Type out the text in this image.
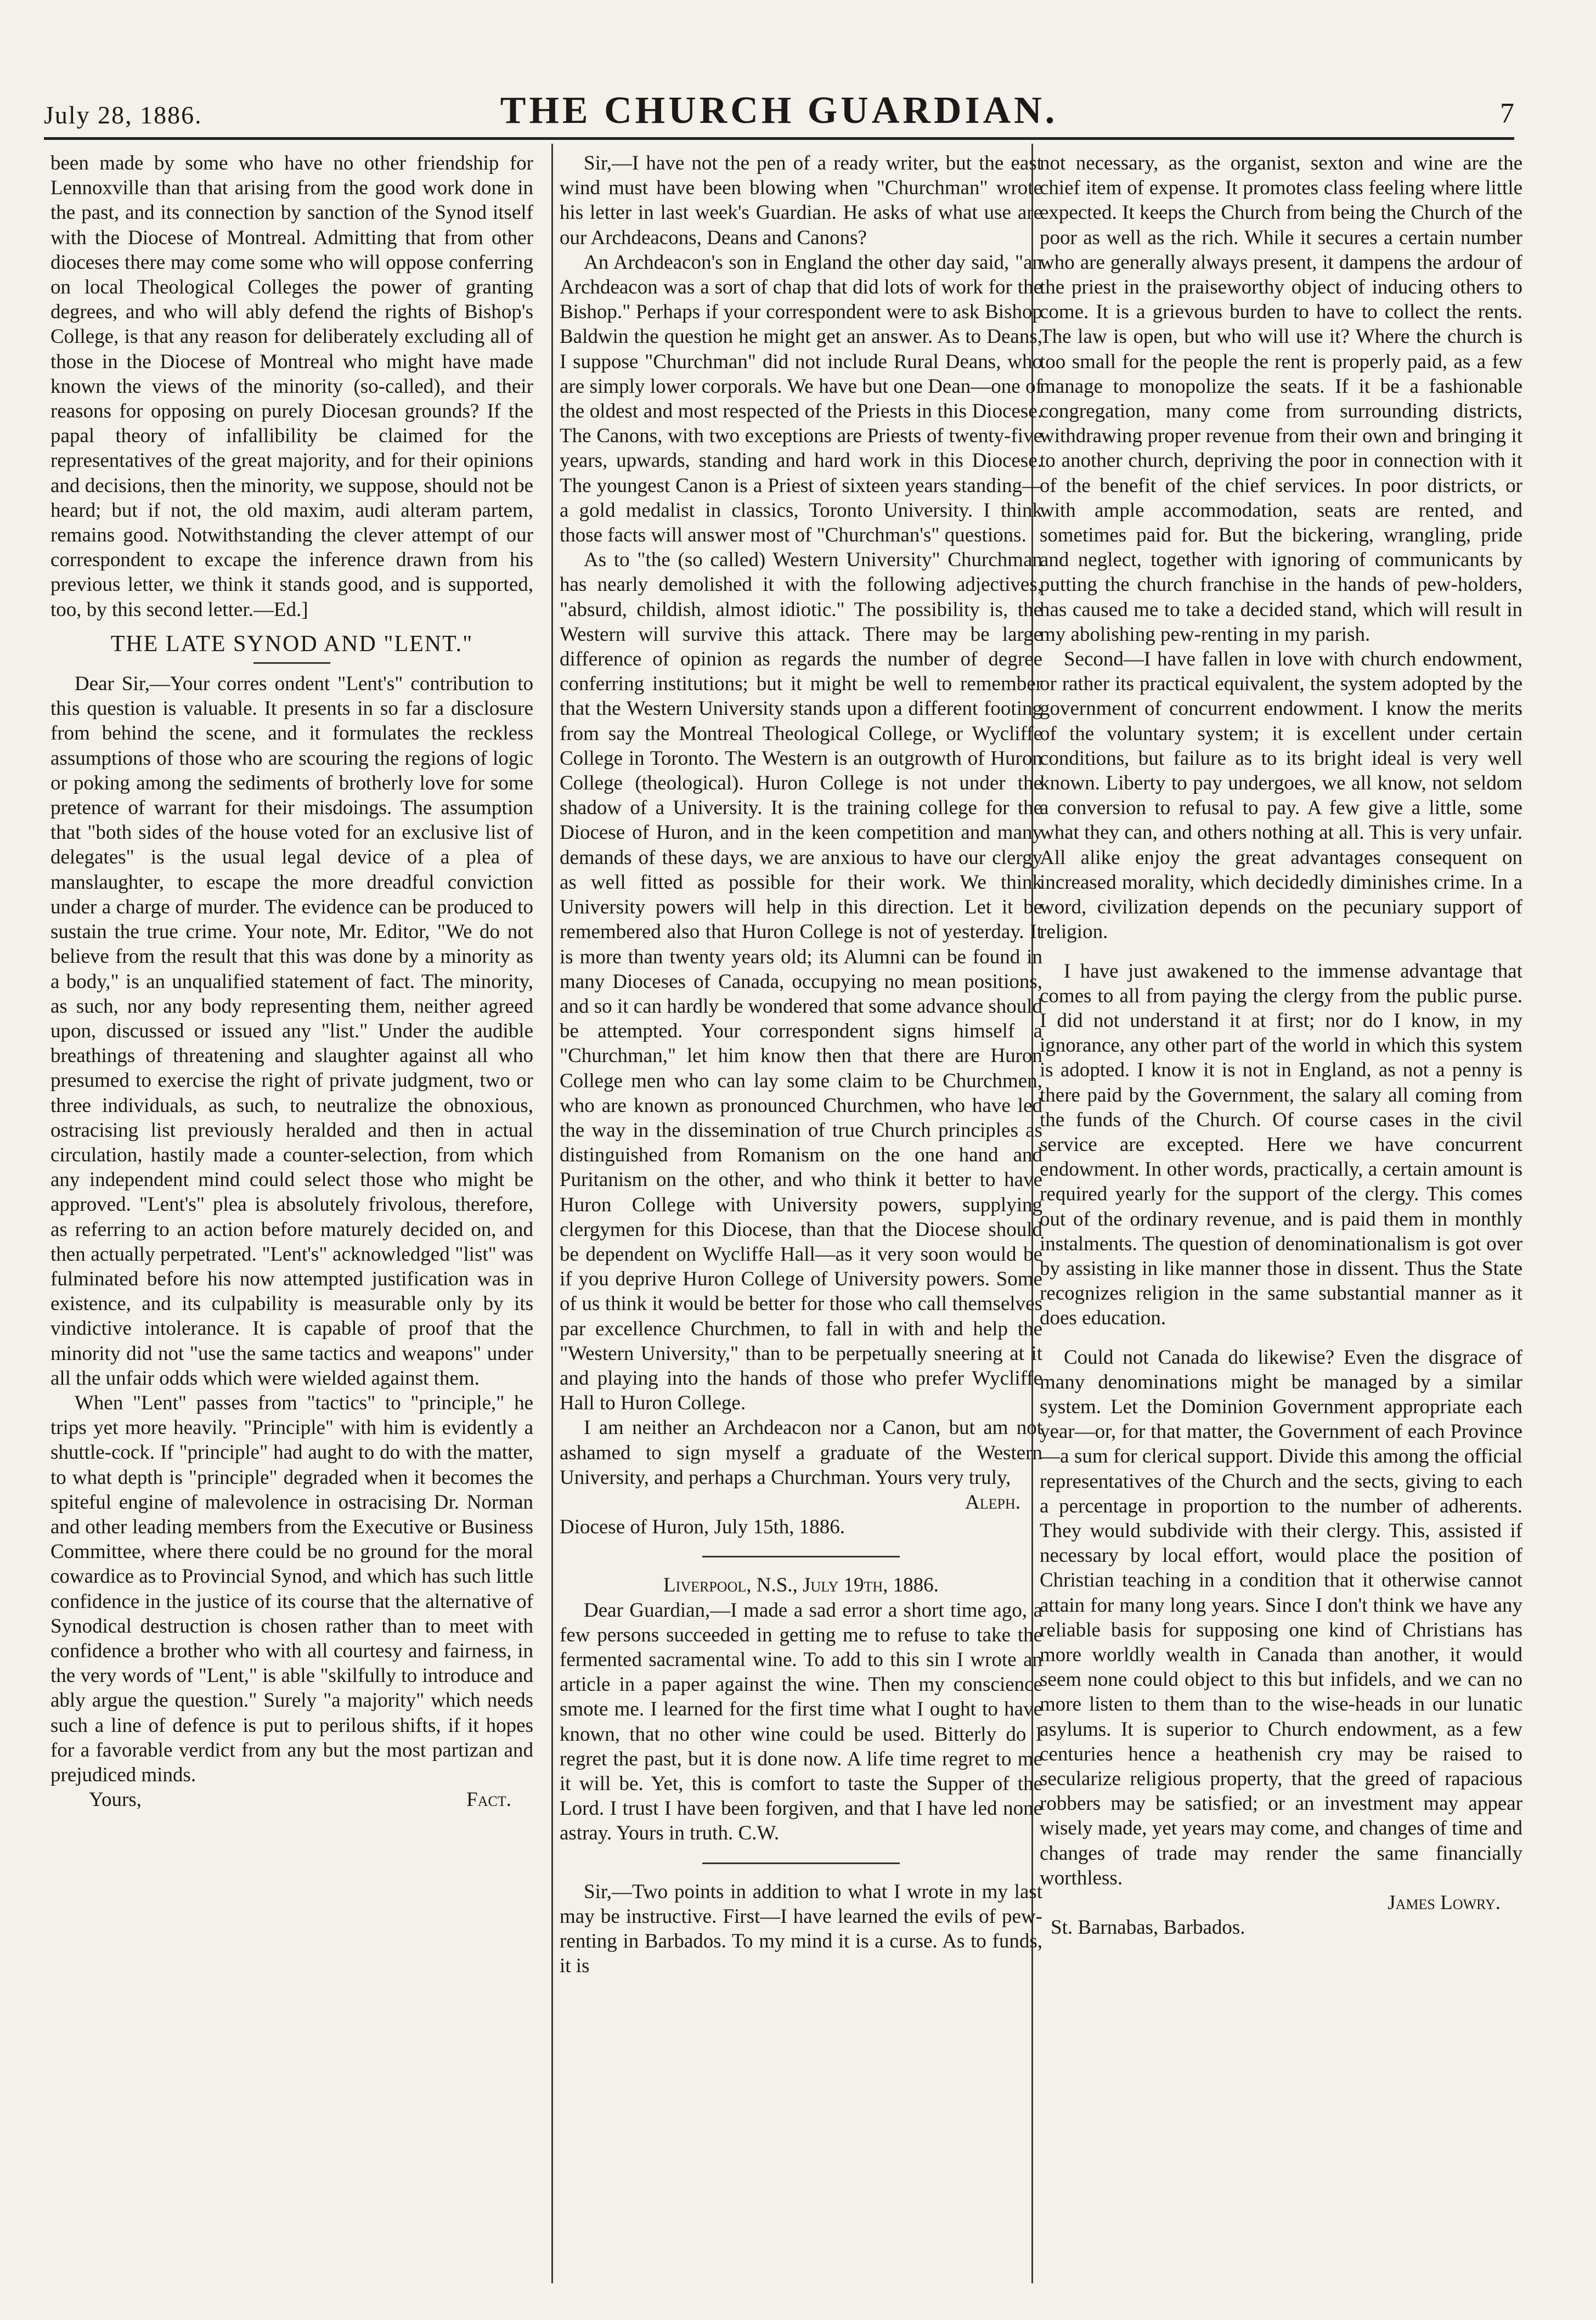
July 28, 1886.	THE CHURCH GUARDIAN.	7

been made by some who have no other friendship for Lennoxville than that arising from the good work done in the past, and its connection by sanction of the Synod itself with the Diocese of Montreal. Admitting that from other dioceses there may come some who will oppose conferring on local Theological Colleges the power of granting degrees, and who will ably defend the rights of Bishop's College, is that any reason for deliberately excluding all of those in the Diocese of Montreal who might have made known the views of the minority (so-called), and their reasons for opposing on purely Diocesan grounds? If the papal theory of infallibility be claimed for the representatives of the great majority, and for their opinions and decisions, then the minority, we suppose, should not be heard; but if not, the old maxim, audi alteram partem, remains good. Notwithstanding the clever attempt of our correspondent to excape the inference drawn from his previous letter, we think it stands good, and is supported, too, by this second letter.—Ed.]

THE LATE SYNOD AND "LENT."

Dear Sir,—Your corres ondent "Lent's" contribution to this question is valuable. It presents in so far a disclosure from behind the scene, and it formulates the reckless assumptions of those who are scouring the regions of logic or poking among the sediments of brotherly love for some pretence of warrant for their misdoings. The assumption that "both sides of the house voted for an exclusive list of delegates" is the usual legal device of a plea of manslaughter, to escape the more dreadful conviction under a charge of murder. The evidence can be produced to sustain the true crime. Your note, Mr. Editor, "We do not believe from the result that this was done by a minority as a body," is an unqualified statement of fact. The minority, as such, nor any body representing them, neither agreed upon, discussed or issued any "list." Under the audible breathings of threatening and slaughter against all who presumed to exercise the right of private judgment, two or three individuals, as such, to neutralize the obnoxious, ostracising list previously heralded and then in actual circulation, hastily made a counter-selection, from which any independent mind could select those who might be approved. "Lent's" plea is absolutely frivolous, therefore, as referring to an action before maturely decided on, and then actually perpetrated. "Lent's" acknowledged "list" was fulminated before his now attempted justification was in existence, and its culpability is measurable only by its vindictive intolerance. It is capable of proof that the minority did not "use the same tactics and weapons" under all the unfair odds which were wielded against them.

When "Lent" passes from "tactics" to "principle," he trips yet more heavily. "Principle" with him is evidently a shuttle-cock. If "principle" had aught to do with the matter, to what depth is "principle" degraded when it becomes the spiteful engine of malevolence in ostracising Dr. Norman and other leading members from the Executive or Business Committee, where there could be no ground for the moral cowardice as to Provincial Synod, and which has such little confidence in the justice of its course that the alternative of Synodical destruction is chosen rather than to meet with confidence a brother who with all courtesy and fairness, in the very words of "Lent," is able "skilfully to introduce and ably argue the question." Surely "a majority" which needs such a line of defence is put to perilous shifts, if it hopes for a favorable verdict from any but the most partizan and prejudiced minds.

Yours,	Fact.

Sir,—I have not the pen of a ready writer, but the east wind must have been blowing when "Churchman" wrote his letter in last week's Guardian. He asks of what use are our Archdeacons, Deans and Canons?

An Archdeacon's son in England the other day said, "an Archdeacon was a sort of chap that did lots of work for the Bishop." Perhaps if your correspondent were to ask Bishop Baldwin the question he might get an answer. As to Deans, I suppose "Churchman" did not include Rural Deans, who are simply lower corporals. We have but one Dean—one of the oldest and most respected of the Priests in this Diocese. The Canons, with two exceptions are Priests of twenty-five years, upwards, standing and hard work in this Diocese. The youngest Canon is a Priest of sixteen years standing—a gold medalist in classics, Toronto University. I think those facts will answer most of "Churchman's" questions.

As to "the (so called) Western University" Churchman has nearly demolished it with the following adjectives, "absurd, childish, almost idiotic." The possibility is, the Western will survive this attack. There may be large difference of opinion as regards the number of degree conferring institutions; but it might be well to remember that the Western University stands upon a different footing from say the Montreal Theological College, or Wycliffe College in Toronto. The Western is an outgrowth of Huron College (theological). Huron College is not under the shadow of a University. It is the training college for the Diocese of Huron, and in the keen competition and many demands of these days, we are anxious to have our clergy as well fitted as possible for their work. We think University powers will help in this direction. Let it be remembered also that Huron College is not of yesterday. It is more than twenty years old; its Alumni can be found in many Dioceses of Canada, occupying no mean positions, and so it can hardly be wondered that some advance should be attempted. Your correspondent signs himself a "Churchman," let him know then that there are Huron College men who can lay some claim to be Churchmen, who are known as pronounced Churchmen, who have led the way in the dissemination of true Church principles as distinguished from Romanism on the one hand and Puritanism on the other, and who think it better to have Huron College with University powers, supplying clergymen for this Diocese, than that the Diocese should be dependent on Wycliffe Hall—as it very soon would be if you deprive Huron College of University powers. Some of us think it would be better for those who call themselves par excellence Churchmen, to fall in with and help the "Western University," than to be perpetually sneering at it and playing into the hands of those who prefer Wycliffe Hall to Huron College.

I am neither an Archdeacon nor a Canon, but am not ashamed to sign myself a graduate of the Western University, and perhaps a Churchman. Yours very truly,

Aleph.

Diocese of Huron, July 15th, 1886.

Liverpool, N.S., July 19th, 1886.

Dear Guardian,—I made a sad error a short time ago, a few persons succeeded in getting me to refuse to take the fermented sacramental wine. To add to this sin I wrote an article in a paper against the wine. Then my conscience smote me. I learned for the first time what I ought to have known, that no other wine could be used. Bitterly do I regret the past, but it is done now. A life time regret to me it will be. Yet, this is comfort to taste the Supper of the Lord. I trust I have been forgiven, and that I have led none astray. Yours in truth. C.W.

Sir,—Two points in addition to what I wrote in my last may be instructive. First—I have learned the evils of pew-renting in Barbados. To my mind it is a curse. As to funds, it is

not necessary, as the organist, sexton and wine are the chief item of expense. It promotes class feeling where little expected. It keeps the Church from being the Church of the poor as well as the rich. While it secures a certain number who are generally always present, it dampens the ardour of the priest in the praiseworthy object of inducing others to come. It is a grievous burden to have to collect the rents. The law is open, but who will use it? Where the church is too small for the people the rent is properly paid, as a few manage to monopolize the seats. If it be a fashionable congregation, many come from surrounding districts, withdrawing proper revenue from their own and bringing it to another church, depriving the poor in connection with it of the benefit of the chief services. In poor districts, or with ample accommodation, seats are rented, and sometimes paid for. But the bickering, wrangling, pride and neglect, together with ignoring of communicants by putting the church franchise in the hands of pew-holders, has caused me to take a decided stand, which will result in my abolishing pew-renting in my parish.

Second—I have fallen in love with church endowment, or rather its practical equivalent, the system adopted by the government of concurrent endowment. I know the merits of the voluntary system; it is excellent under certain conditions, but failure as to its bright ideal is very well known. Liberty to pay undergoes, we all know, not seldom a conversion to refusal to pay. A few give a little, some what they can, and others nothing at all. This is very unfair. All alike enjoy the great advantages consequent on increased morality, which decidedly diminishes crime. In a word, civilization depends on the pecuniary support of religion.

I have just awakened to the immense advantage that comes to all from paying the clergy from the public purse. I did not understand it at first; nor do I know, in my ignorance, any other part of the world in which this system is adopted. I know it is not in England, as not a penny is there paid by the Government, the salary all coming from the funds of the Church. Of course cases in the civil service are excepted. Here we have concurrent endowment. In other words, practically, a certain amount is required yearly for the support of the clergy. This comes out of the ordinary revenue, and is paid them in monthly instalments. The question of denominationalism is got over by assisting in like manner those in dissent. Thus the State recognizes religion in the same substantial manner as it does education.

Could not Canada do likewise? Even the disgrace of many denominations might be managed by a similar system. Let the Dominion Government appropriate each year—or, for that matter, the Government of each Province—a sum for clerical support. Divide this among the official representatives of the Church and the sects, giving to each a percentage in proportion to the number of adherents. They would subdivide with their clergy. This, assisted if necessary by local effort, would place the position of Christian teaching in a condition that it otherwise cannot attain for many long years. Since I don't think we have any reliable basis for supposing one kind of Christians has more worldly wealth in Canada than another, it would seem none could object to this but infidels, and we can no more listen to them than to the wise-heads in our lunatic asylums. It is superior to Church endowment, as a few centuries hence a heathenish cry may be raised to secularize religious property, that the greed of rapacious robbers may be satisfied; or an investment may appear wisely made, yet years may come, and changes of time and changes of trade may render the same financially worthless.

James Lowry.

St. Barnabas, Barbados.
